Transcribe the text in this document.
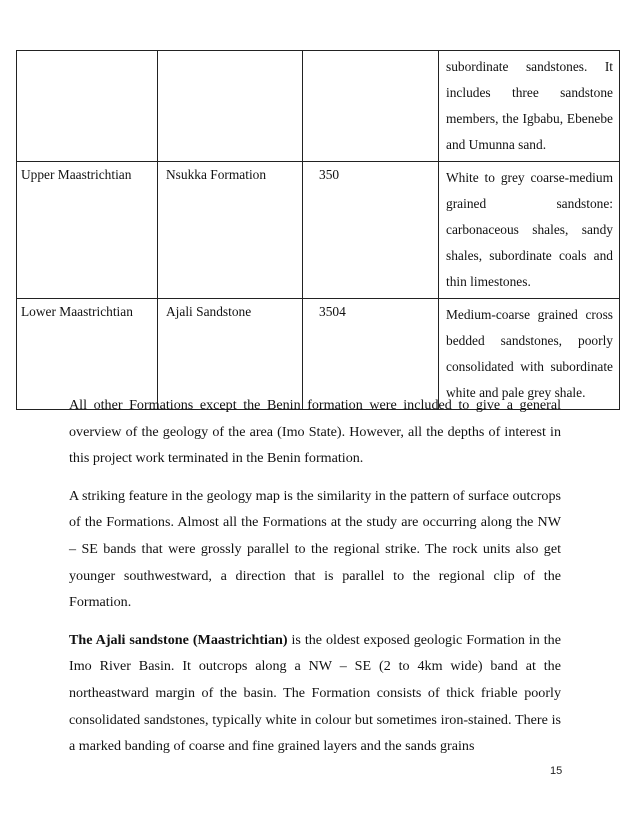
			subordinate sandstones. It includes three sandstone members, the Igbabu, Ebenebe and Umunna sand.
Upper Maastrichtian	Nsukka Formation	350	White to grey coarse-medium grained sandstone: carbonaceous shales, sandy shales, subordinate coals and thin limestones.
Lower Maastrichtian	Ajali Sandstone	3504	Medium-coarse grained cross bedded sandstones, poorly consolidated with subordinate white and pale grey shale.

All other Formations except the Benin formation were included to give a general overview of the geology of the area (Imo State). However, all the depths of interest in this project work terminated in the Benin formation.

A striking feature in the geology map is the similarity in the pattern of surface outcrops of the Formations. Almost all the Formations at the study are occurring along the NW – SE bands that were grossly parallel to the regional strike. The rock units also get younger southwestward, a direction that is parallel to the regional clip of the Formation.

The Ajali sandstone (Maastrichtian) is the oldest exposed geologic Formation in the Imo River Basin. It outcrops along a NW – SE (2 to 4km wide) band at the northeastward margin of the basin. The Formation consists of thick friable poorly consolidated sandstones, typically white in colour but sometimes iron-stained. There is a marked banding of coarse and fine grained layers and the sands grains

15
